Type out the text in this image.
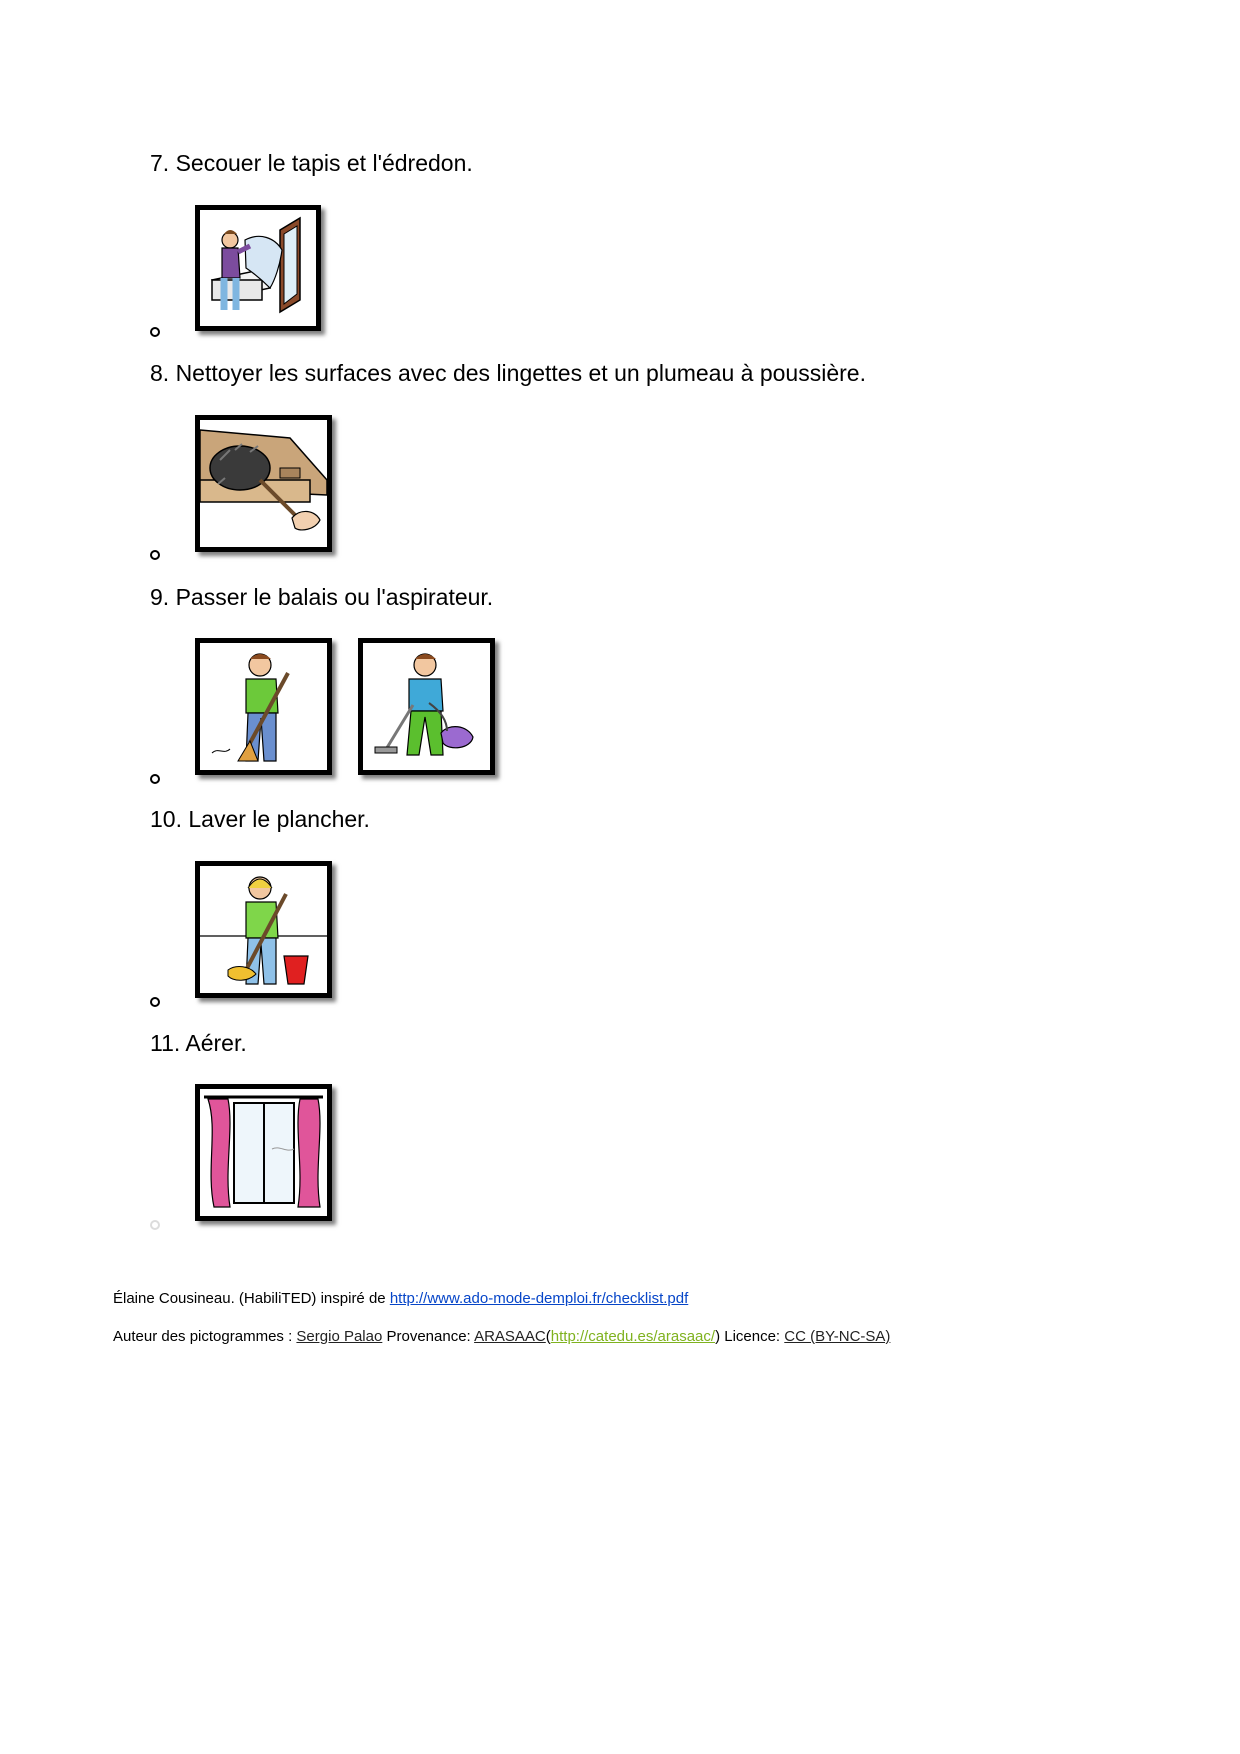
7. Secouer le tapis et l'édredon.
8. Nettoyer les surfaces avec des lingettes et un plumeau à poussière.
9. Passer le balais ou l'aspirateur.
10. Laver le plancher.
11. Aérer.
Élaine Cousineau. (HabiliTED) inspiré de http://www.ado-mode-demploi.fr/checklist.pdf
Auteur des pictogrammes : Sergio Palao Provenance: ARASAAC(http://catedu.es/arasaac/) Licence: CC (BY-NC-SA)
